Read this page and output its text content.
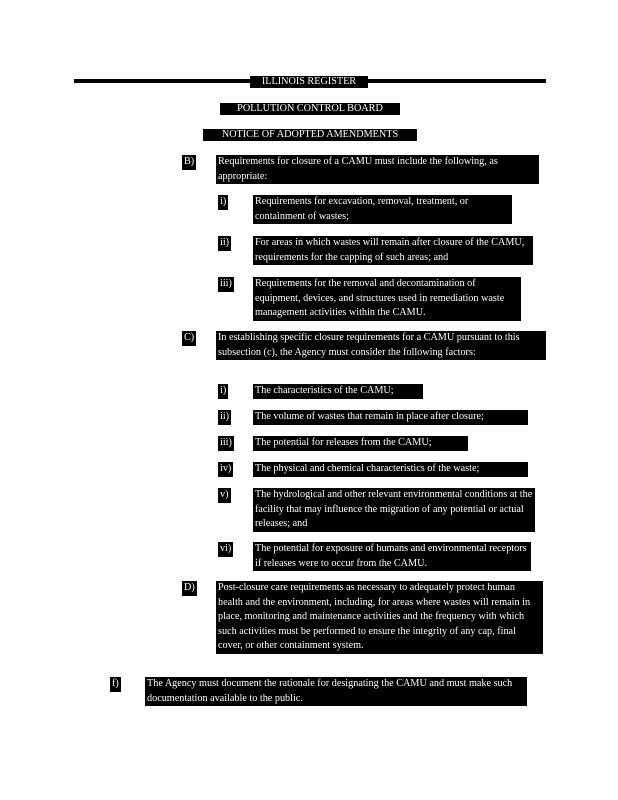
ILLINOIS REGISTER
POLLUTION CONTROL BOARD
NOTICE OF ADOPTED AMENDMENTS
B) Requirements for closure of a CAMU must include the following, as appropriate:
i)	Requirements for excavation, removal, treatment, or containment of wastes;
ii)	For areas in which wastes will remain after closure of the CAMU, requirements for the capping of such areas; and
iii) Requirements for the removal and decontamination of equipment, devices, and structures used in remediation waste management activities within the CAMU.
C) In establishing specific closure requirements for a CAMU pursuant to this subsection (c), the Agency must consider the following factors:
i)	The characteristics of the CAMU;
ii)	The volume of wastes that remain in place after closure;
iii) The potential for releases from the CAMU;
iv) The physical and chemical characteristics of the waste;
v)	The hydrological and other relevant environmental conditions at the facility that may influence the migration of any potential or actual releases; and
vi) The potential for exposure of humans and environmental receptors if releases were to occur from the CAMU.
D) Post-closure care requirements as necessary to adequately protect human health and the environment, including, for areas where wastes will remain in place, monitoring and maintenance activities and the frequency with which such activities must be performed to ensure the integrity of any cap, final cover, or other containment system.
f)	The Agency must document the rationale for designating the CAMU and must make such documentation available to the public.
